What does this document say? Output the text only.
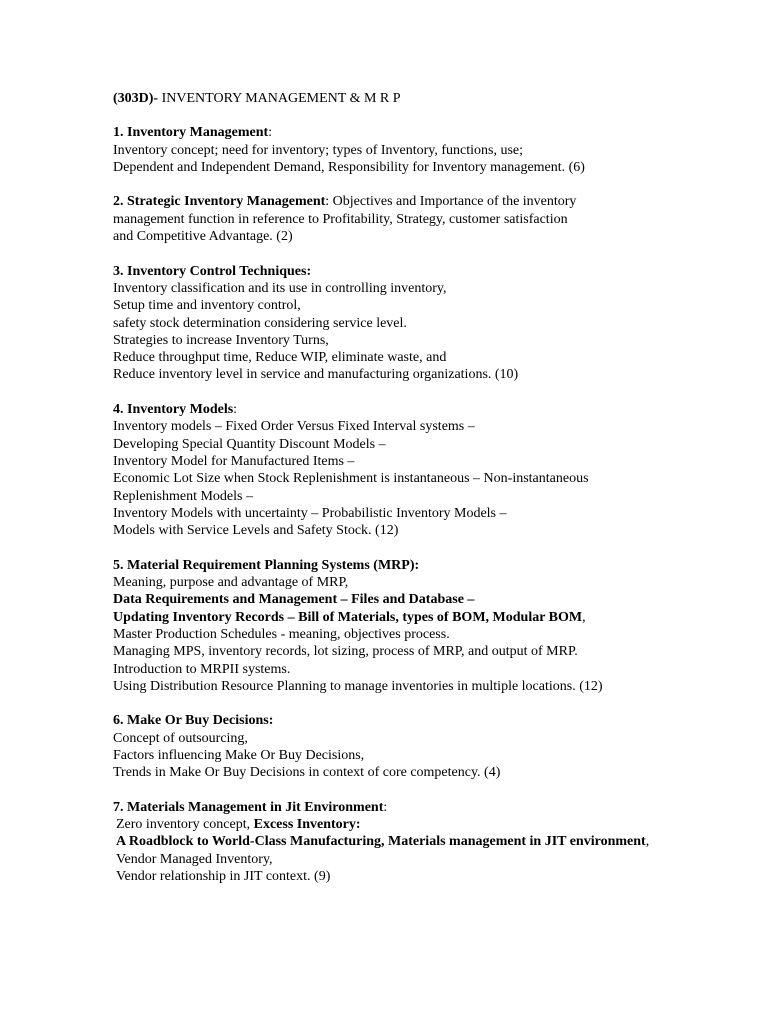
(303D)- INVENTORY MANAGEMENT & M R P
1. Inventory Management:
Inventory concept; need for inventory; types of Inventory, functions, use;
Dependent and Independent Demand, Responsibility for Inventory management. (6)
2. Strategic Inventory Management: Objectives and Importance of the inventory
management function in reference to Profitability, Strategy, customer satisfaction
and Competitive Advantage. (2)
3. Inventory Control Techniques:
Inventory classification and its use in controlling inventory,
Setup time and inventory control,
safety stock determination considering service level.
Strategies to increase Inventory Turns,
Reduce throughput time, Reduce WIP, eliminate waste, and
Reduce inventory level in service and manufacturing organizations. (10)
4. Inventory Models:
Inventory models – Fixed Order Versus Fixed Interval systems –
Developing Special Quantity Discount Models –
Inventory Model for Manufactured Items –
Economic Lot Size when Stock Replenishment is instantaneous – Non-instantaneous
Replenishment Models –
Inventory Models with uncertainty – Probabilistic Inventory Models –
Models with Service Levels and Safety Stock. (12)
5. Material Requirement Planning Systems (MRP):
Meaning, purpose and advantage of MRP,
Data Requirements and Management – Files and Database –
Updating Inventory Records – Bill of Materials, types of BOM, Modular BOM,
Master Production Schedules - meaning, objectives process.
Managing MPS, inventory records, lot sizing, process of MRP, and output of MRP.
Introduction to MRPII systems.
Using Distribution Resource Planning to manage inventories in multiple locations. (12)
6. Make Or Buy Decisions:
Concept of outsourcing,
Factors influencing Make Or Buy Decisions,
Trends in Make Or Buy Decisions in context of core competency. (4)
7. Materials Management in Jit Environment:
Zero inventory concept, Excess Inventory:
A Roadblock to World-Class Manufacturing, Materials management in JIT environment,
Vendor Managed Inventory,
Vendor relationship in JIT context. (9)
